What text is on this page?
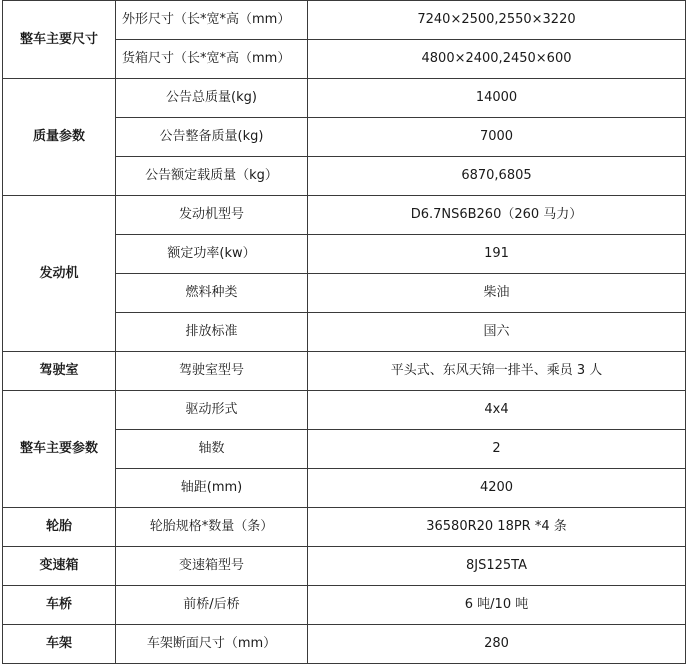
整车主要尺寸	外形尺寸（长*宽*高（mm）	7240×2500,2550×3220
	货箱尺寸（长*宽*高（mm）	4800×2400,2450×600
质量参数	公告总质量(kg)	14000
	公告整备质量(kg)	7000
	公告额定载质量（kg）	6870,6805
发动机	发动机型号	D6.7NS6B260（260 马力）
	额定功率(kw）	191
	燃料种类	柴油
	排放标准	国六
驾驶室	驾驶室型号	平头式、东风天锦一排半、乘员 3 人
整车主要参数	驱动形式	4x4
	轴数	2
	轴距(mm)	4200
轮胎	轮胎规格*数量（条）	36580R20 18PR *4 条
变速箱	变速箱型号	8JS125TA
车桥	前桥/后桥	6 吨/10 吨
车架	车架断面尺寸（mm）	280
